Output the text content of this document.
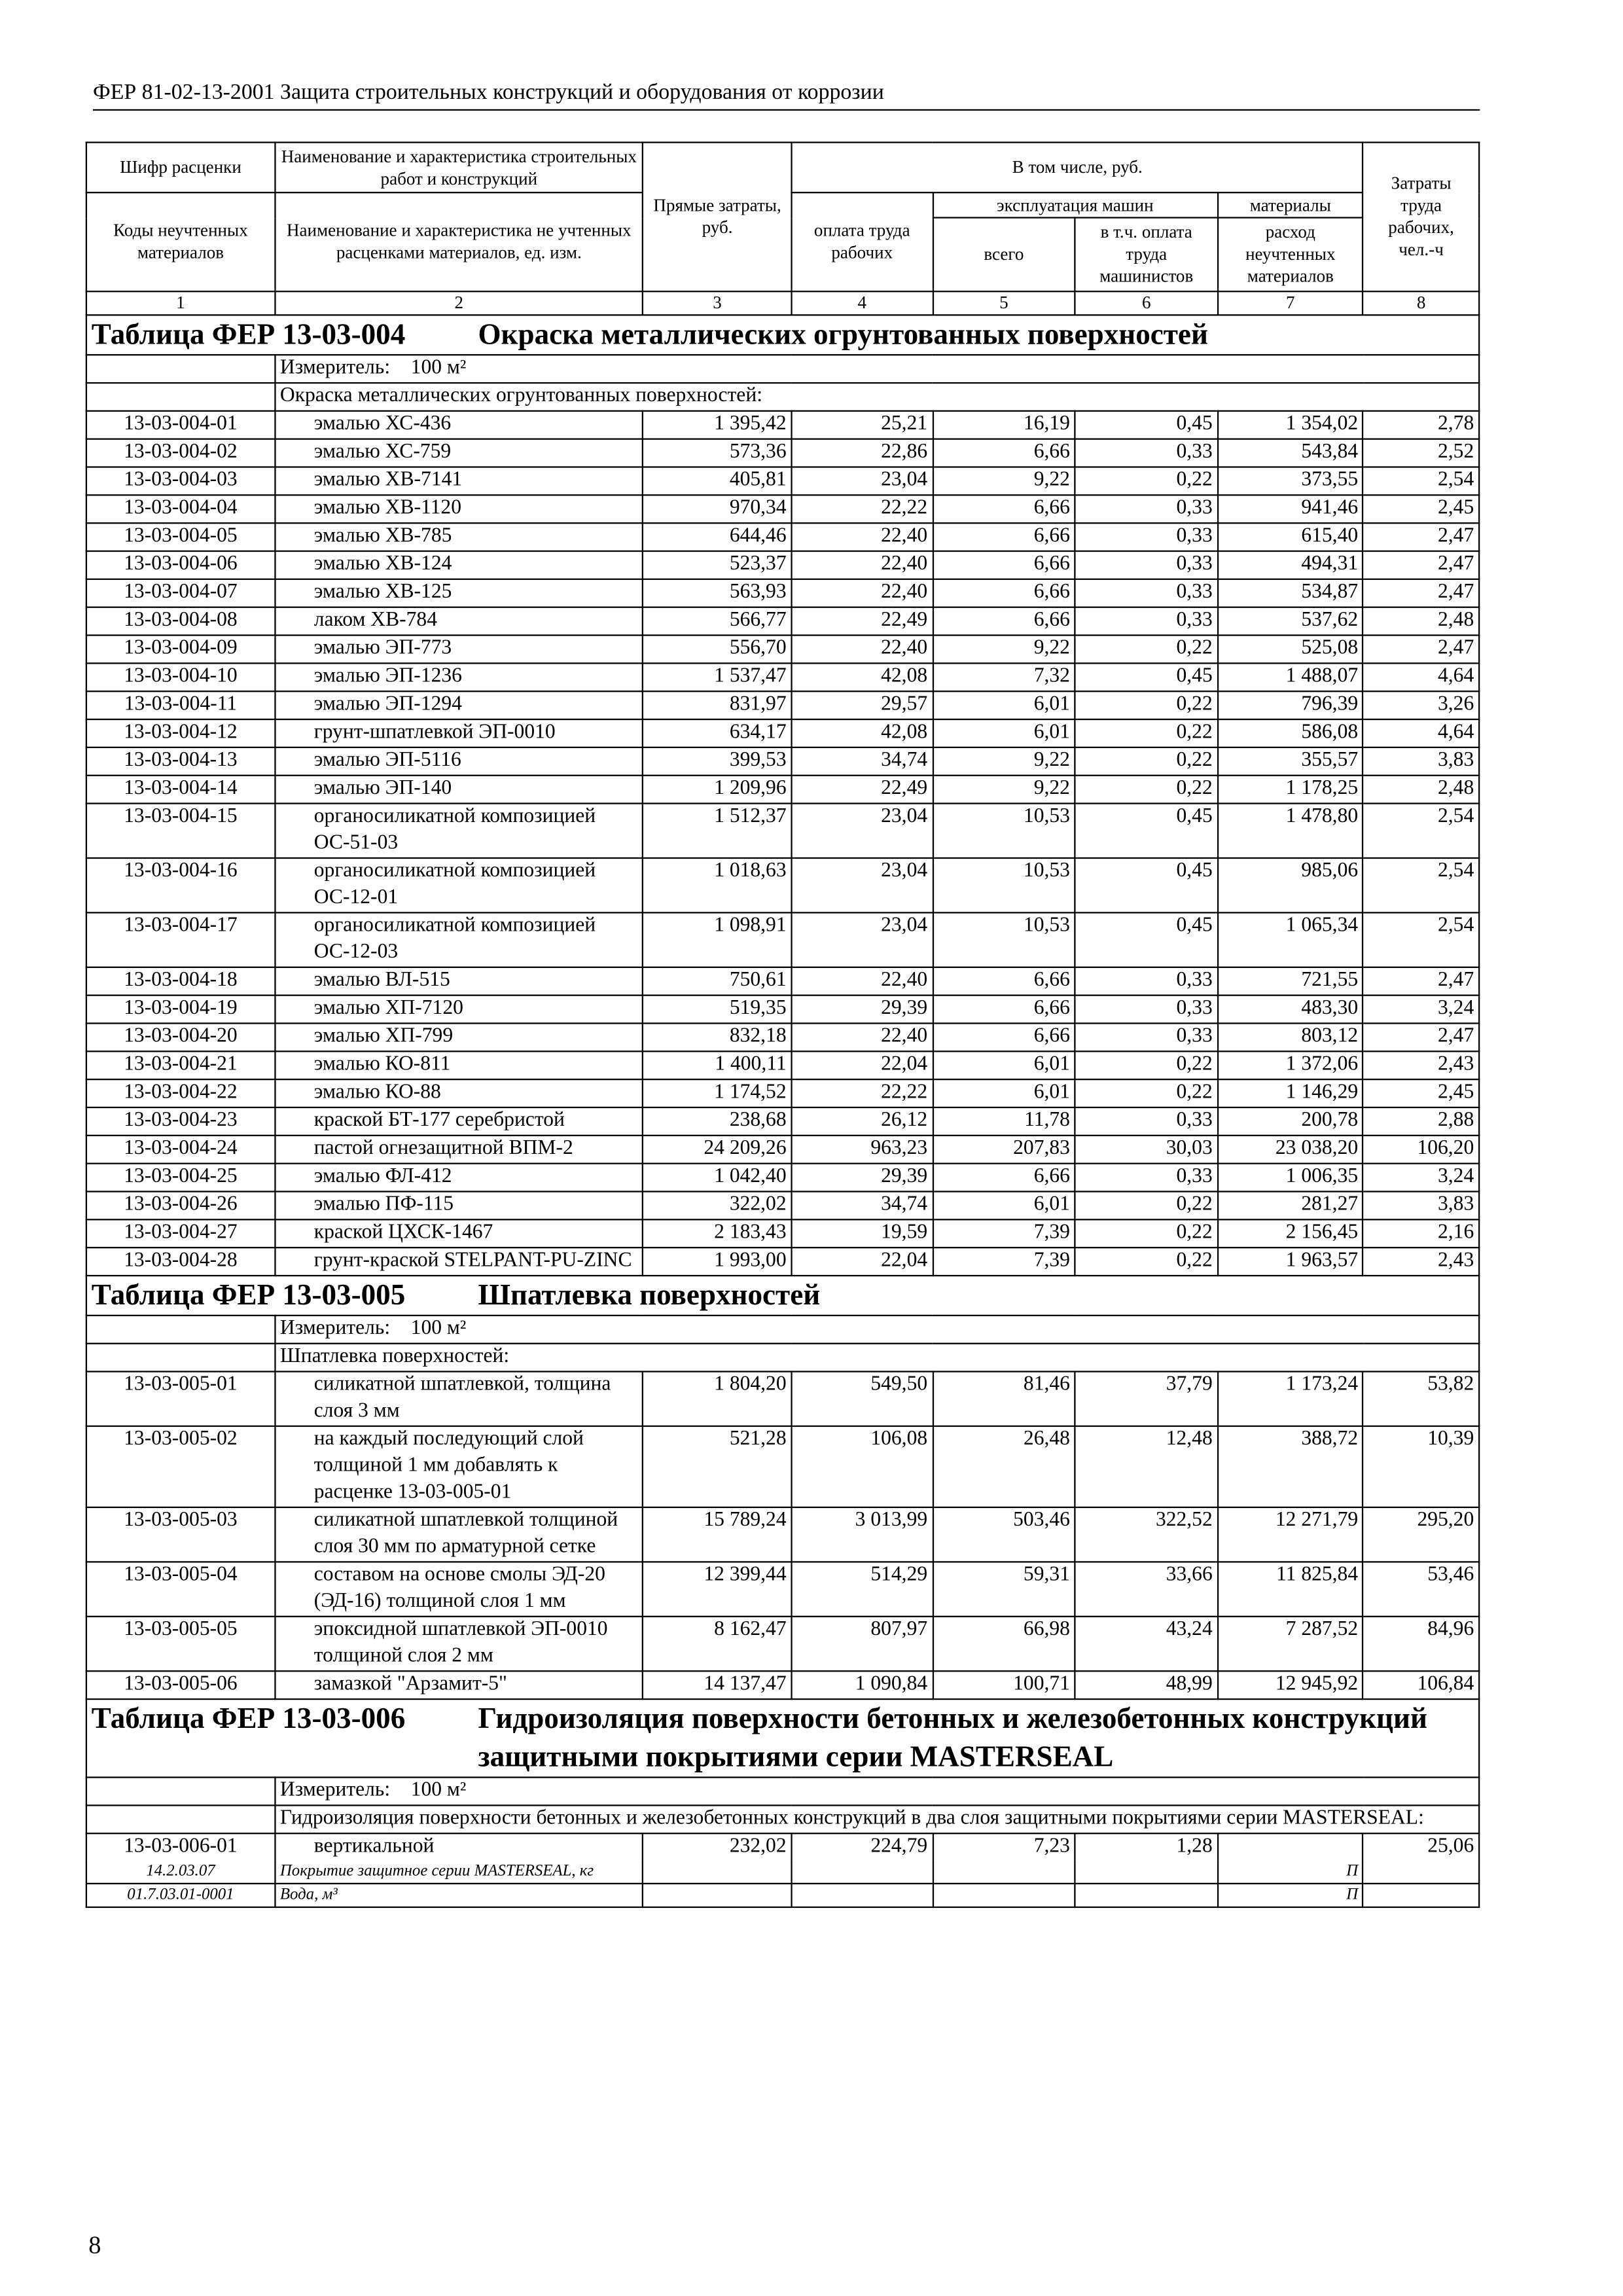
ФЕР 81-02-13-2001 Защита строительных конструкций и оборудования от коррозии
Шифр расценки	Наименование и характеристика строительных работ и конструкций	Прямые затраты, руб.	В том числе, руб.				Затраты труда рабочих, чел.-ч
Коды неучтенных материалов	Наименование и характеристика не учтенных расценками материалов, ед. изм.		оплата труда рабочих	эксплуатация машин		материалы	
				всего	в т.ч. оплата труда машинистов	расход неучтенных материалов	
1	2	3	4	5	6	7	8
Таблица ФЕР 13-03-004 Окраска металлических огрунтованных поверхностей							
	Измеритель: 100 м²						
	Окраска металлических огрунтованных поверхностей:						
13-03-004-01	эмалью ХС-436	1 395,42	25,21	16,19	0,45	1 354,02	2,78
13-03-004-02	эмалью ХС-759	573,36	22,86	6,66	0,33	543,84	2,52
13-03-004-03	эмалью ХВ-7141	405,81	23,04	9,22	0,22	373,55	2,54
13-03-004-04	эмалью ХВ-1120	970,34	22,22	6,66	0,33	941,46	2,45
13-03-004-05	эмалью ХВ-785	644,46	22,40	6,66	0,33	615,40	2,47
13-03-004-06	эмалью ХВ-124	523,37	22,40	6,66	0,33	494,31	2,47
13-03-004-07	эмалью ХВ-125	563,93	22,40	6,66	0,33	534,87	2,47
13-03-004-08	лаком ХВ-784	566,77	22,49	6,66	0,33	537,62	2,48
13-03-004-09	эмалью ЭП-773	556,70	22,40	9,22	0,22	525,08	2,47
13-03-004-10	эмалью ЭП-1236	1 537,47	42,08	7,32	0,45	1 488,07	4,64
13-03-004-11	эмалью ЭП-1294	831,97	29,57	6,01	0,22	796,39	3,26
13-03-004-12	грунт-шпатлевкой ЭП-0010	634,17	42,08	6,01	0,22	586,08	4,64
13-03-004-13	эмалью ЭП-5116	399,53	34,74	9,22	0,22	355,57	3,83
13-03-004-14	эмалью ЭП-140	1 209,96	22,49	9,22	0,22	1 178,25	2,48
13-03-004-15	органосиликатной композицией ОС-51-03	1 512,37	23,04	10,53	0,45	1 478,80	2,54
13-03-004-16	органосиликатной композицией ОС-12-01	1 018,63	23,04	10,53	0,45	985,06	2,54
13-03-004-17	органосиликатной композицией ОС-12-03	1 098,91	23,04	10,53	0,45	1 065,34	2,54
13-03-004-18	эмалью ВЛ-515	750,61	22,40	6,66	0,33	721,55	2,47
13-03-004-19	эмалью ХП-7120	519,35	29,39	6,66	0,33	483,30	3,24
13-03-004-20	эмалью ХП-799	832,18	22,40	6,66	0,33	803,12	2,47
13-03-004-21	эмалью КО-811	1 400,11	22,04	6,01	0,22	1 372,06	2,43
13-03-004-22	эмалью КО-88	1 174,52	22,22	6,01	0,22	1 146,29	2,45
13-03-004-23	краской БТ-177 серебристой	238,68	26,12	11,78	0,33	200,78	2,88
13-03-004-24	пастой огнезащитной ВПМ-2	24 209,26	963,23	207,83	30,03	23 038,20	106,20
13-03-004-25	эмалью ФЛ-412	1 042,40	29,39	6,66	0,33	1 006,35	3,24
13-03-004-26	эмалью ПФ-115	322,02	34,74	6,01	0,22	281,27	3,83
13-03-004-27	краской ЦХСК-1467	2 183,43	19,59	7,39	0,22	2 156,45	2,16
13-03-004-28	грунт-краской STELPANT-PU-ZINC	1 993,00	22,04	7,39	0,22	1 963,57	2,43
Таблица ФЕР 13-03-005 Шпатлевка поверхностей							
	Измеритель: 100 м²						
	Шпатлевка поверхностей:						
13-03-005-01	силикатной шпатлевкой, толщина слоя 3 мм	1 804,20	549,50	81,46	37,79	1 173,24	53,82
13-03-005-02	на каждый последующий слой толщиной 1 мм добавлять к расценке 13-03-005-01	521,28	106,08	26,48	12,48	388,72	10,39
13-03-005-03	силикатной шпатлевкой толщиной слоя 30 мм по арматурной сетке	15 789,24	3 013,99	503,46	322,52	12 271,79	295,20
13-03-005-04	составом на основе смолы ЭД-20 (ЭД-16) толщиной слоя 1 мм	12 399,44	514,29	59,31	33,66	11 825,84	53,46
13-03-005-05	эпоксидной шпатлевкой ЭП-0010 толщиной слоя 2 мм	8 162,47	807,97	66,98	43,24	7 287,52	84,96
13-03-005-06	замазкой "Арзамит-5"	14 137,47	1 090,84	100,71	48,99	12 945,92	106,84
Таблица ФЕР 13-03-006 Гидроизоляция поверхности бетонных и железобетонных конструкций защитными покрытиями серии MASTERSEAL							
	Измеритель: 100 м²						
	Гидроизоляция поверхности бетонных и железобетонных конструкций в два слоя защитными покрытиями серии MASTERSEAL:						
13-03-006-01	вертикальной	232,02	224,79	7,23	1,28		25,06
14.2.03.07	Покрытие защитное серии MASTERSEAL, кг					П	
01.7.03.01-0001	Вода, м³					П	
8
